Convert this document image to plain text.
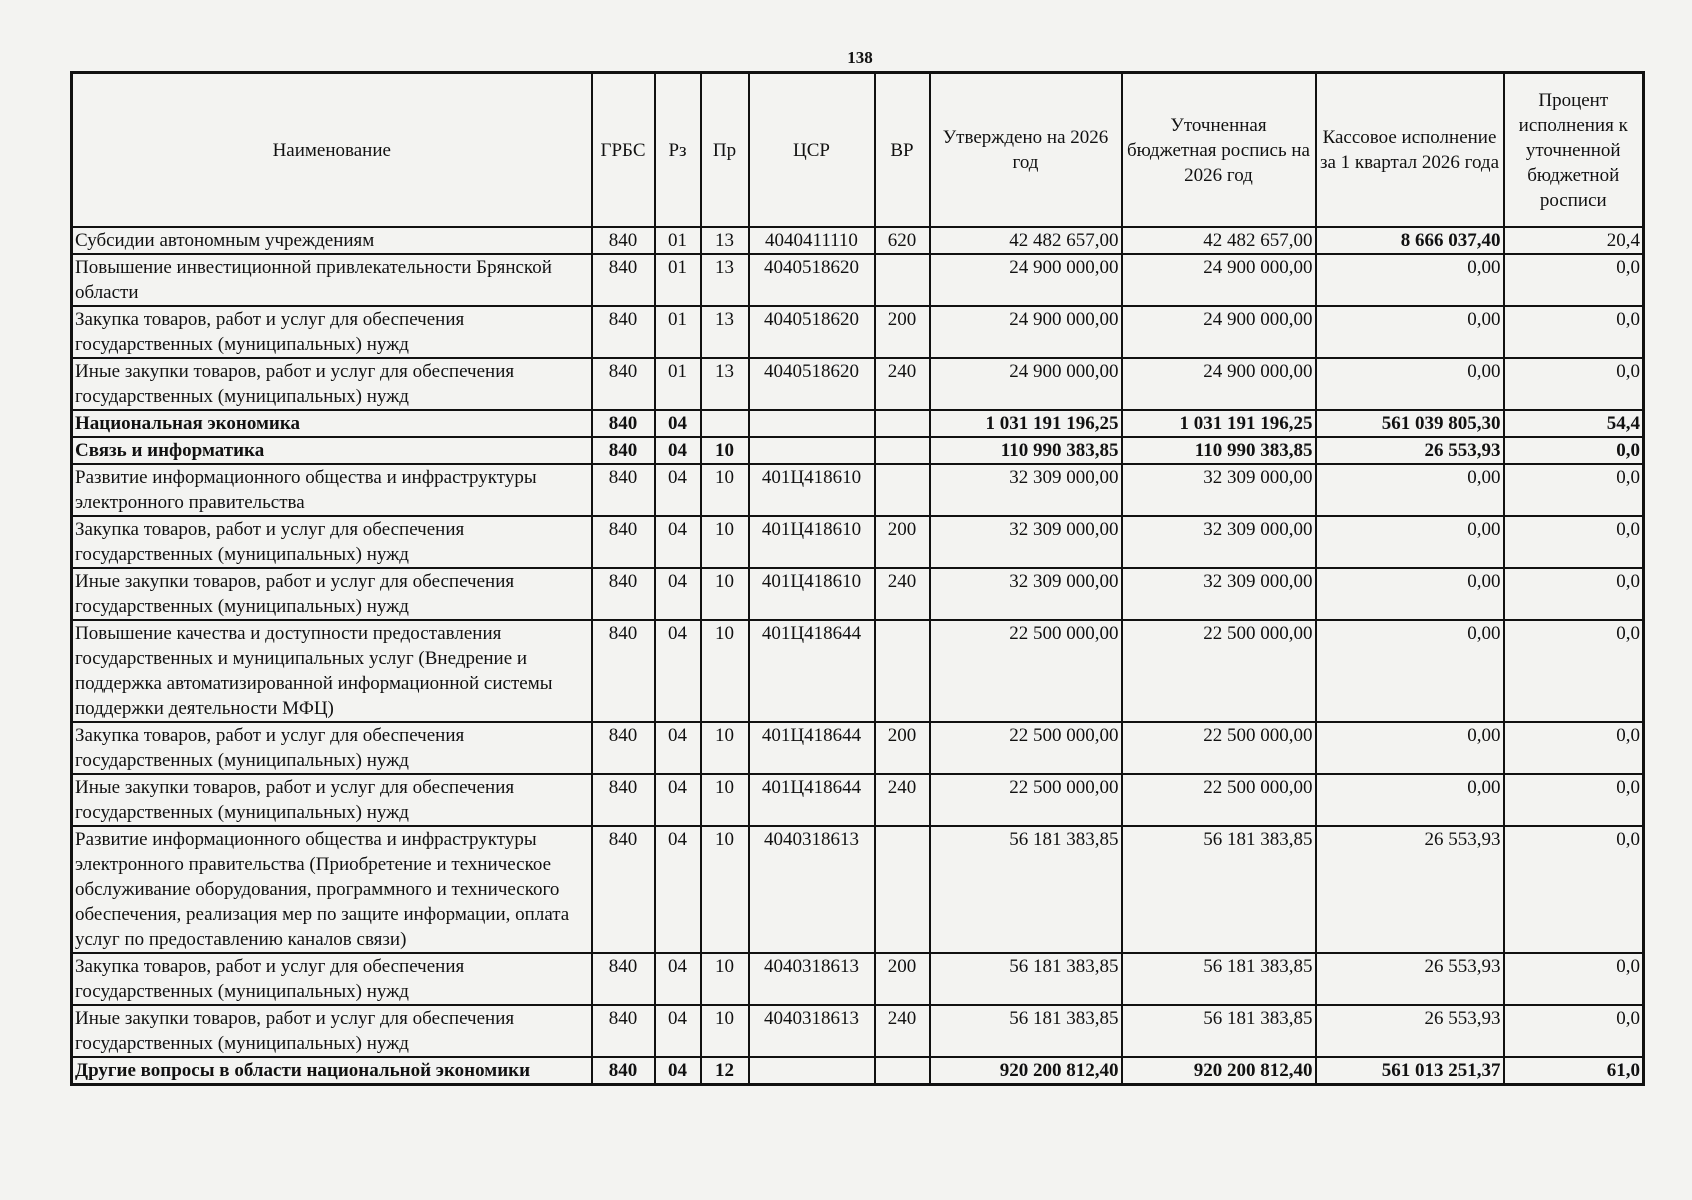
138
Наименование	ГРБС	Рз	Пр	ЦСР	ВР	Утверждено на 2026 год	Уточненная бюджетная роспись на 2026 год	Кассовое исполнение за 1 квартал 2026 года	Процент исполнения к уточненной бюджетной росписи
Субсидии автономным учреждениям	840	01	13	4040411110	620	42 482 657,00	42 482 657,00	8 666 037,40	20,4
Повышение инвестиционной привлекательности Брянской области	840	01	13	4040518620		24 900 000,00	24 900 000,00	0,00	0,0
Закупка товаров, работ и услуг для обеспечения государственных (муниципальных) нужд	840	01	13	4040518620	200	24 900 000,00	24 900 000,00	0,00	0,0
Иные закупки товаров, работ и услуг для обеспечения государственных (муниципальных) нужд	840	01	13	4040518620	240	24 900 000,00	24 900 000,00	0,00	0,0
Национальная экономика	840	04				1 031 191 196,25	1 031 191 196,25	561 039 805,30	54,4
Связь и информатика	840	04	10			110 990 383,85	110 990 383,85	26 553,93	0,0
Развитие информационного общества и инфраструктуры электронного правительства	840	04	10	401Ц418610		32 309 000,00	32 309 000,00	0,00	0,0
Закупка товаров, работ и услуг для обеспечения государственных (муниципальных) нужд	840	04	10	401Ц418610	200	32 309 000,00	32 309 000,00	0,00	0,0
Иные закупки товаров, работ и услуг для обеспечения государственных (муниципальных) нужд	840	04	10	401Ц418610	240	32 309 000,00	32 309 000,00	0,00	0,0
Повышение качества и доступности предоставления государственных и муниципальных услуг (Внедрение и поддержка автоматизированной информационной системы поддержки деятельности МФЦ)	840	04	10	401Ц418644		22 500 000,00	22 500 000,00	0,00	0,0
Закупка товаров, работ и услуг для обеспечения государственных (муниципальных) нужд	840	04	10	401Ц418644	200	22 500 000,00	22 500 000,00	0,00	0,0
Иные закупки товаров, работ и услуг для обеспечения государственных (муниципальных) нужд	840	04	10	401Ц418644	240	22 500 000,00	22 500 000,00	0,00	0,0
Развитие информационного общества и инфраструктуры электронного правительства (Приобретение и техническое обслуживание оборудования, программного и технического обеспечения, реализация мер по защите информации, оплата услуг по предоставлению каналов связи)	840	04	10	4040318613		56 181 383,85	56 181 383,85	26 553,93	0,0
Закупка товаров, работ и услуг для обеспечения государственных (муниципальных) нужд	840	04	10	4040318613	200	56 181 383,85	56 181 383,85	26 553,93	0,0
Иные закупки товаров, работ и услуг для обеспечения государственных (муниципальных) нужд	840	04	10	4040318613	240	56 181 383,85	56 181 383,85	26 553,93	0,0
Другие вопросы в области национальной экономики	840	04	12			920 200 812,40	920 200 812,40	561 013 251,37	61,0
